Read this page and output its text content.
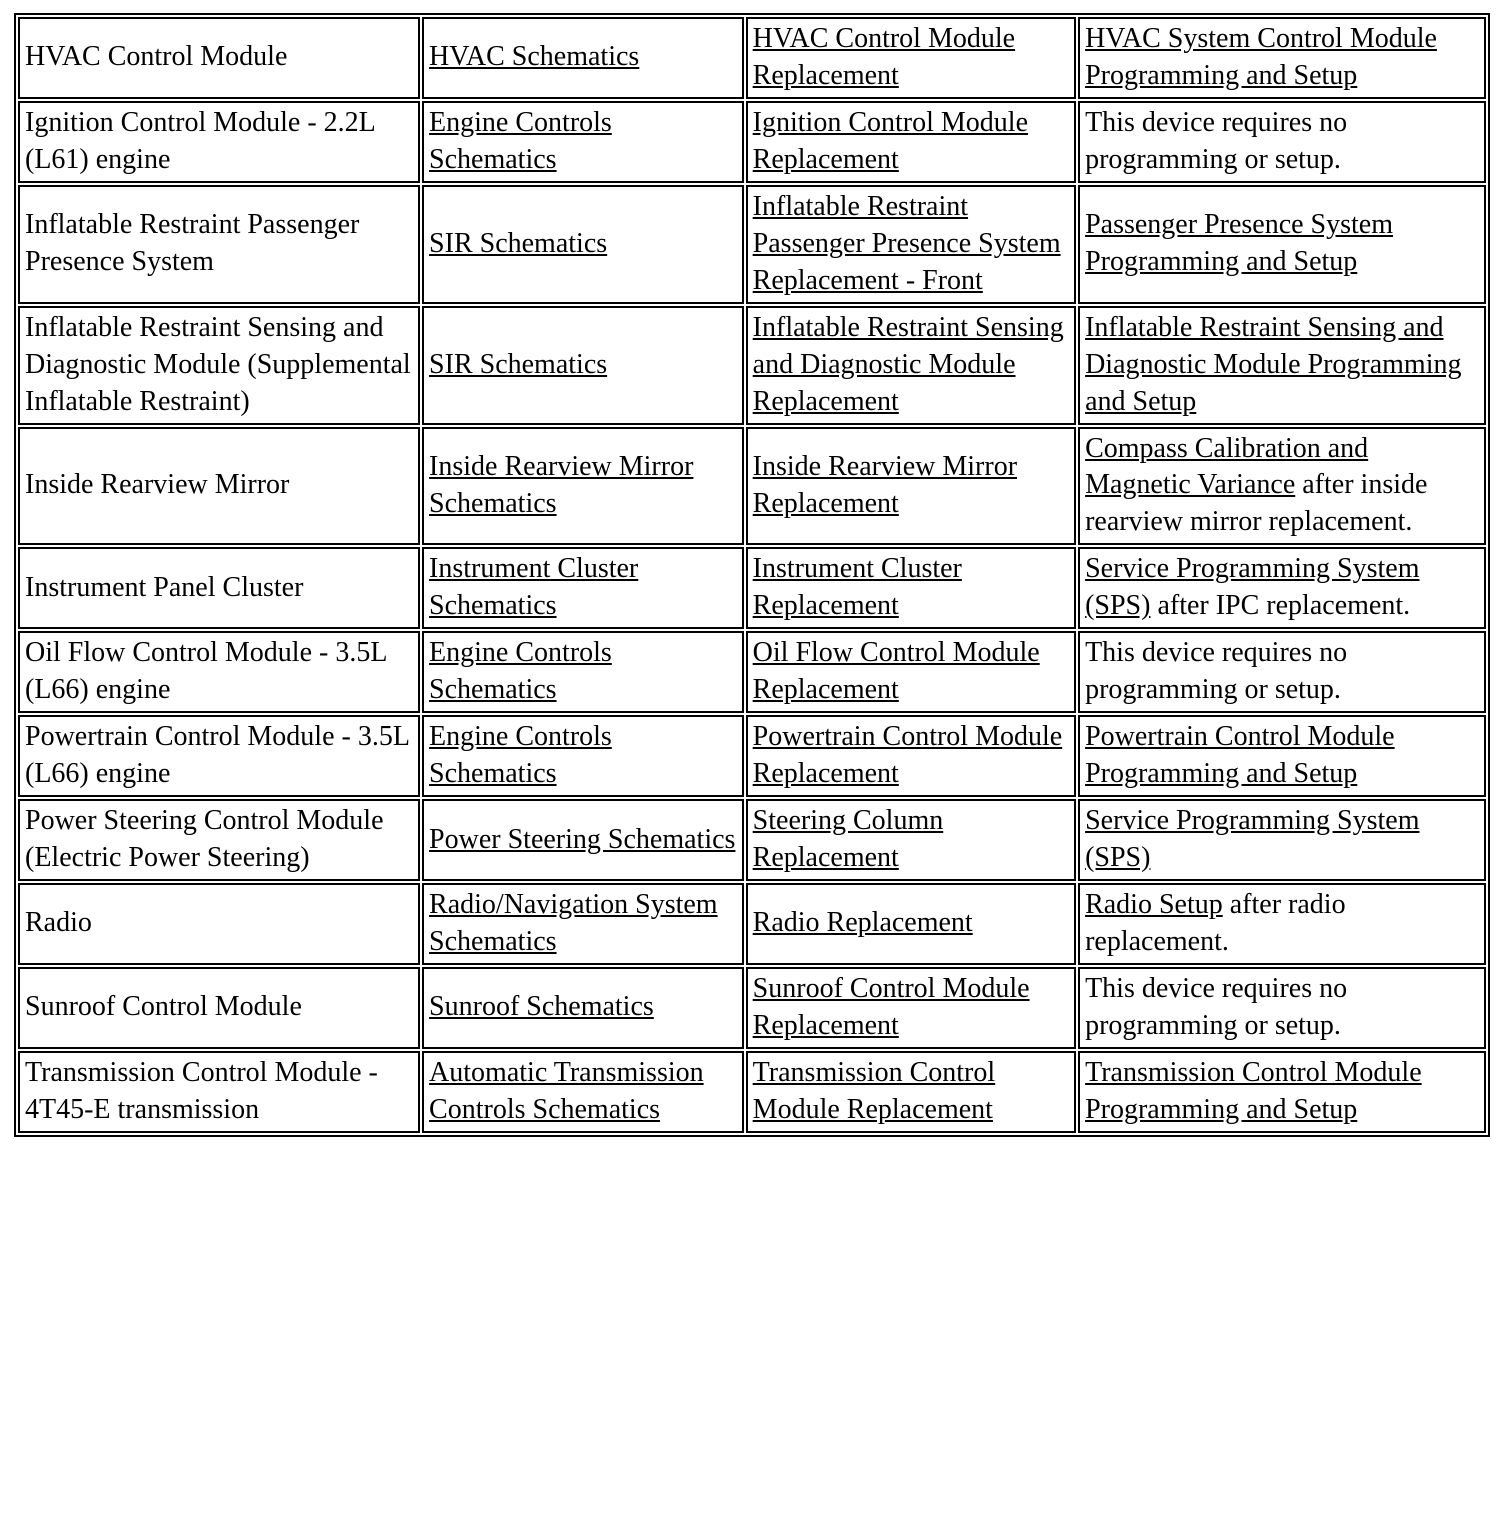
HVAC Control Module	HVAC Schematics	HVAC Control Module Replacement	HVAC System Control Module Programming and Setup
Ignition Control Module - 2.2L (L61) engine	Engine Controls Schematics	Ignition Control Module Replacement	This device requires no programming or setup.
Inflatable Restraint Passenger Presence System	SIR Schematics	Inflatable Restraint Passenger Presence System Replacement - Front	Passenger Presence System Programming and Setup
Inflatable Restraint Sensing and Diagnostic Module (Supplemental Inflatable Restraint)	SIR Schematics	Inflatable Restraint Sensing and Diagnostic Module Replacement	Inflatable Restraint Sensing and Diagnostic Module Programming and Setup
Inside Rearview Mirror	Inside Rearview Mirror Schematics	Inside Rearview Mirror Replacement	Compass Calibration and Magnetic Variance after inside rearview mirror replacement.
Instrument Panel Cluster	Instrument Cluster Schematics	Instrument Cluster Replacement	Service Programming System (SPS) after IPC replacement.
Oil Flow Control Module - 3.5L (L66) engine	Engine Controls Schematics	Oil Flow Control Module Replacement	This device requires no programming or setup.
Powertrain Control Module - 3.5L (L66) engine	Engine Controls Schematics	Powertrain Control Module Replacement	Powertrain Control Module Programming and Setup
Power Steering Control Module (Electric Power Steering)	Power Steering Schematics	Steering Column Replacement	Service Programming System (SPS)
Radio	Radio/Navigation System Schematics	Radio Replacement	Radio Setup after radio replacement.
Sunroof Control Module	Sunroof Schematics	Sunroof Control Module Replacement	This device requires no programming or setup.
Transmission Control Module - 4T45-E transmission	Automatic Transmission Controls Schematics	Transmission Control Module Replacement	Transmission Control Module Programming and Setup
